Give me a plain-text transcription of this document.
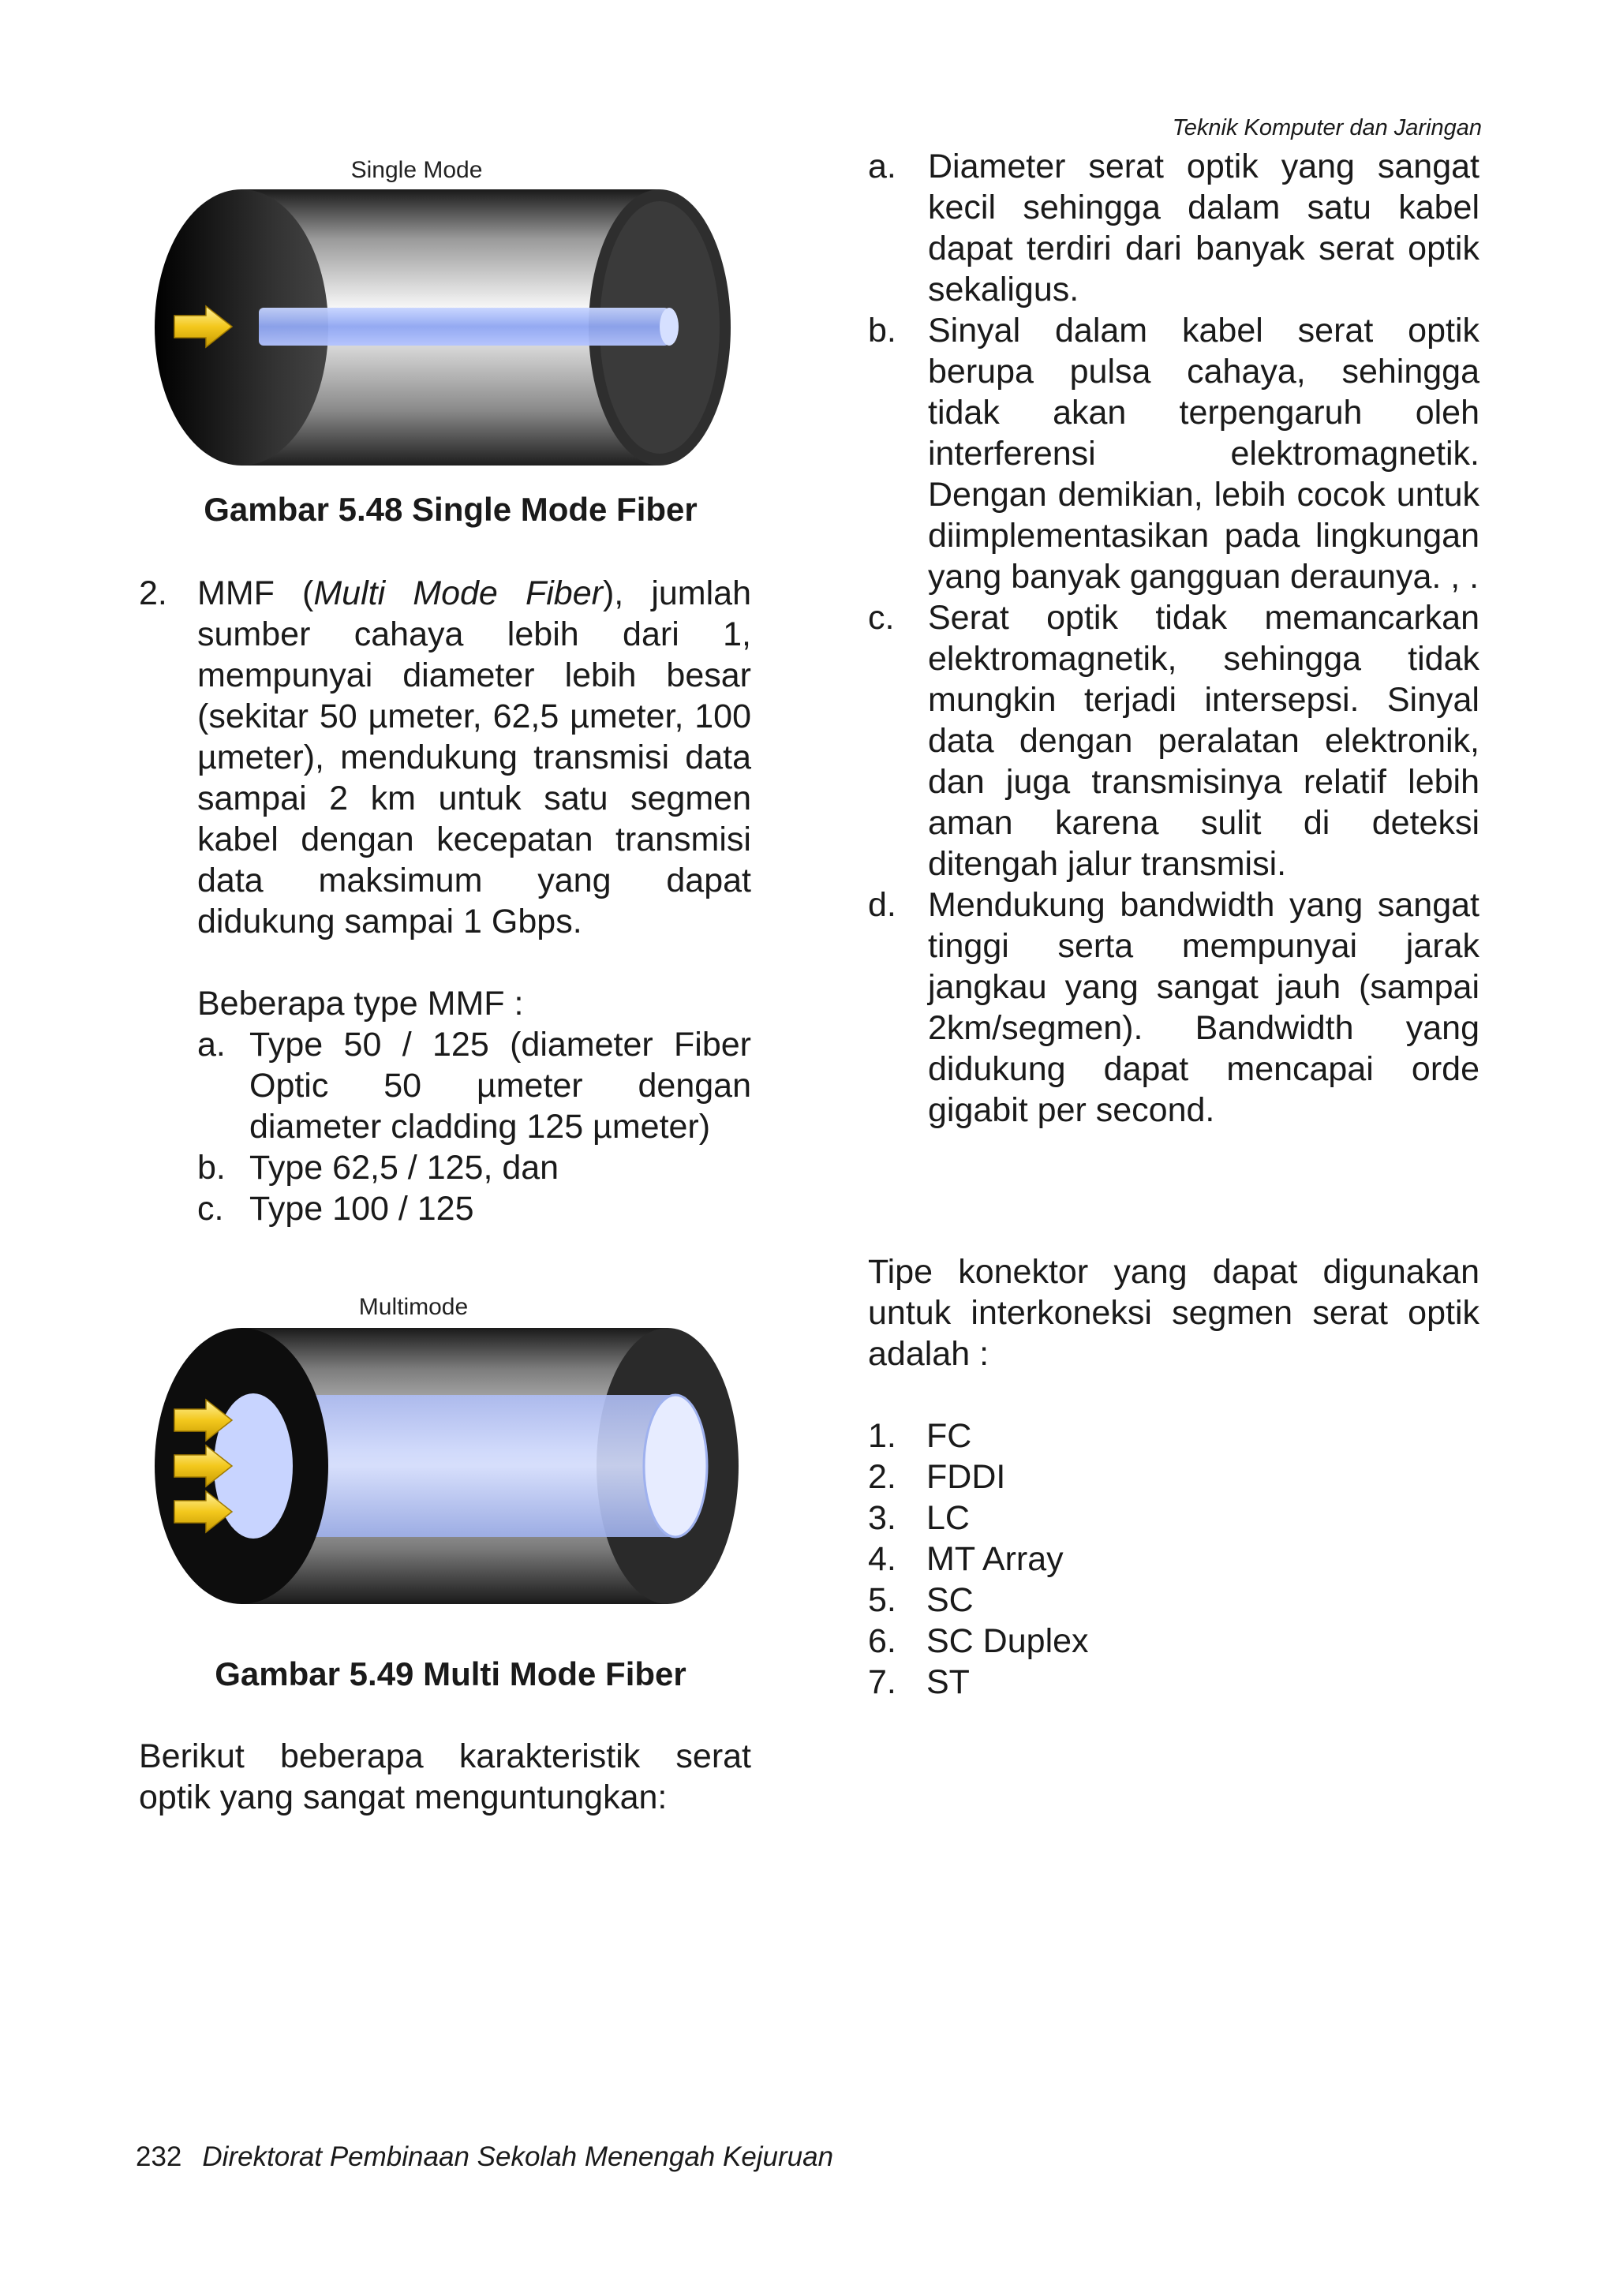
Teknik Komputer dan Jaringan
Single Mode
Gambar 5.48 Single Mode Fiber
2. MMF (Multi Mode Fiber), jumlah sumber cahaya lebih dari 1, mempunyai diameter lebih besar (sekitar 50 µmeter, 62,5 µmeter, 100 µmeter), mendukung transmisi data sampai 2 km untuk satu segmen kabel dengan kecepatan transmisi data maksimum yang dapat didukung sampai 1 Gbps.
Beberapa type MMF :
a. Type 50 / 125 (diameter Fiber Optic 50 µmeter dengan diameter cladding 125 µmeter)
b. Type 62,5 / 125, dan
c. Type 100 / 125
Multimode
Gambar 5.49 Multi Mode Fiber
Berikut beberapa karakteristik serat optik yang sangat menguntungkan:
a. Diameter serat optik yang sangat kecil sehingga dalam satu kabel dapat terdiri dari banyak serat optik sekaligus.
b. Sinyal dalam kabel serat optik berupa pulsa cahaya, sehingga tidak akan terpengaruh oleh interferensi elektromagnetik. Dengan demikian, lebih cocok untuk diimplementasikan pada lingkungan yang banyak gangguan deraunya. , .
c. Serat optik tidak memancarkan elektromagnetik, sehingga tidak mungkin terjadi intersepsi. Sinyal data dengan peralatan elektronik, dan juga transmisinya relatif lebih aman karena sulit di deteksi ditengah jalur transmisi.
d. Mendukung bandwidth yang sangat tinggi serta mempunyai jarak jangkau yang sangat jauh (sampai 2km/segmen). Bandwidth yang didukung dapat mencapai orde gigabit per second.
Tipe konektor yang dapat digunakan untuk interkoneksi segmen serat optik adalah :
1. FC
2. FDDI
3. LC
4. MT Array
5. SC
6. SC Duplex
7. ST
232 Direktorat Pembinaan Sekolah Menengah Kejuruan
